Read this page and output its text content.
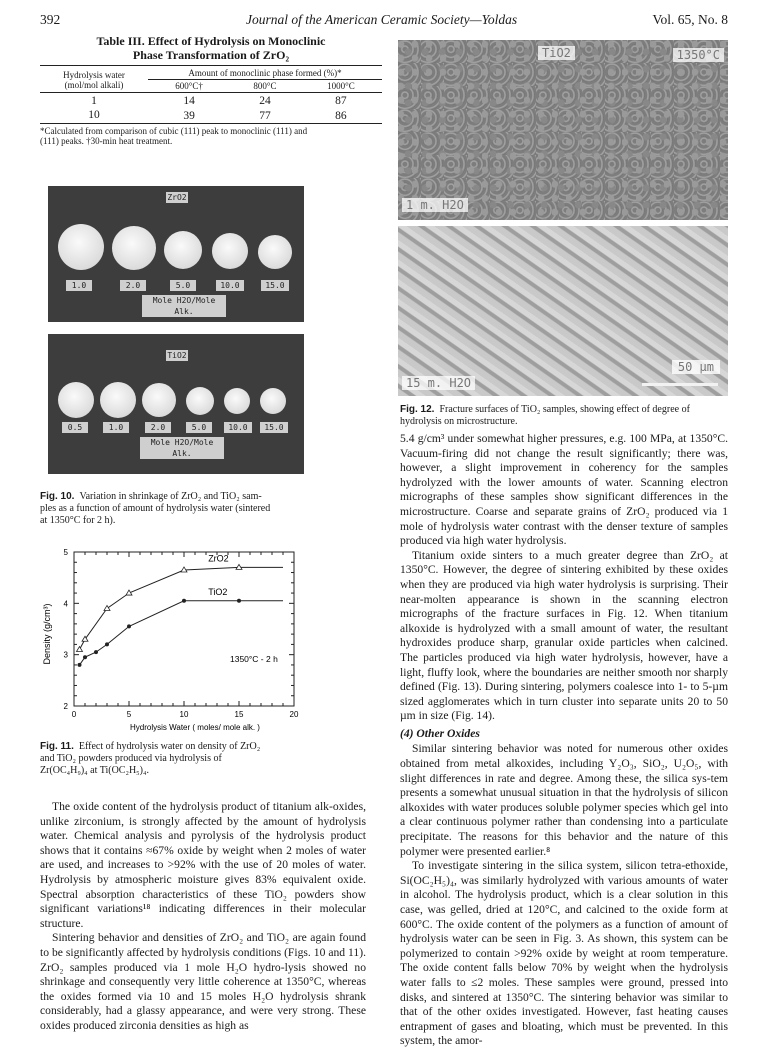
392	Journal of the American Ceramic Society—Yoldas	Vol. 65, No. 8
Table III. Effect of Hydrolysis on Monoclinic
Phase Transformation of ZrO₂
Hydrolysis water
(mol/mol alkali)	Amount of monoclinic phase formed (%)*		
	600°C†	800°C	1000°C
1	14	24	87
10	39	77	86
*Calculated from comparison of cubic (111) peak to monoclinic (111) and
(111) peaks. †30-min heat treatment.
ZrO2
1.0	2.0	5.0	10.0	15.0
Mole H2O/Mole Alk.
TiO2
0.5	1.0	2.0	5.0	10.0	15.0
Mole H2O/Mole Alk.
Fig. 10. Variation in shrinkage of ZrO₂ and TiO₂ sam-
ples as a function of amount of hydrolysis water (sintered
at 1350°C for 2 h).
0	5	10	15	20
2
3
4
5
ZrO2
TiO2
Density (g/cm³)
Hydrolysis Water ( moles/ mole alk. )
1350°C - 2 h
Fig. 11. Effect of hydrolysis water on density of ZrO₂
and TiO₂ powders produced via hydrolysis of
Zr(OC₄H₉)₄ at Ti(OC₂H₅)₄.

The oxide content of the hydrolysis product of titanium alk-oxides, unlike zirconium, is strongly affected by the amount of hydrolysis water. Chemical analysis and pyrolysis of the hydrolysis product shows that it contains ≈67% oxide by weight when 2 moles of water are used, and increases to >92% with the use of 20 moles of water. Hydrolysis by atmospheric moisture gives 83% equivalent oxide. Spectral absorption characteristics of these TiO₂ powders show significant variations¹⁸ indicating differences in their molecular structure.

Sintering behavior and densities of ZrO₂ and TiO₂ are again found to be significantly affected by hydrolysis conditions (Figs. 10 and 11). ZrO₂ samples produced via 1 mole H₂O hydro-lysis showed no shrinkage and consequently very little coherence at 1350°C, whereas the oxides formed via 10 and 15 moles H₂O hydrolysis shrank considerably, had a glassy appearance, and were very strong. These oxides produced zirconia densities as high as

TiO2	1350°C
1 m. H2O
15 m. H2O
50 µm
Fig. 12. Fracture surfaces of TiO₂ samples, showing effect of degree of
hydrolysis on microstructure.

5.4 g/cm³ under somewhat higher pressures, e.g. 100 MPa, at 1350°C. Vacuum-firing did not change the result significantly; there was, however, a slight improvement in coherency for the samples hydrolyzed with the lower amounts of water. Scanning electron micrographs of these samples show significant differences in the microstructure. Coarse and separate grains of ZrO₂ produced via 1 mole of hydrolysis water contrast with the denser texture of samples produced via high water hydrolysis.

Titanium oxide sinters to a much greater degree than ZrO₂ at 1350°C. However, the degree of sintering exhibited by these oxides when they are produced via high water hydrolysis is surprising. Their near-molten appearance is shown in the scanning electron micrographs of the fracture surfaces in Fig. 12. When titanium alkoxide is hydrolyzed with a small amount of water, the resultant hydroxides produce sharp, granular oxide particles when calcined. The particles produced via high water hydrolysis, however, have a light, fluffy look, where the boundaries are neither smooth nor sharply defined (Fig. 13). During sintering, polymers coalesce into 1- to 5-µm sized agglomerates which in turn cluster into separate units 20 to 50 µm in size (Fig. 14).

(4) Other Oxides

Similar sintering behavior was noted for numerous other oxides obtained from metal alkoxides, including Y₂O₃, SiO₂, U₂O₅, with slight differences in rate and degree. Among these, the silica sys-tem presents a somewhat unusual situation in that the hydrolysis of silicon alkoxides with water produces soluble polymer species which gel into a clear continuous polymer rather than condensing into a particulate precipitate. The reasons for this behavior and the nature of this polymer were presented earlier.⁸

To investigate sintering in the silica system, silicon tetra-ethoxide, Si(OC₂H₅)₄, was similarly hydrolyzed with various amounts of water in alcohol. The hydrolysis product, which is a clear solution in this case, was gelled, dried at 120°C, and calcined to the oxide form at 600°C. The oxide content of the polymers as a function of amount of hydrolysis water can be seen in Fig. 3. As shown, this system can be polymerized to contain >92% oxide by weight at room temperature. The oxide content falls below 70% by weight when the hydrolysis water falls to ≤2 moles. These samples were ground, pressed into disks, and sintered at 1350°C. The sintering behavior was similar to that of the other oxides investigated. However, fast heating causes entrapment of gases and bloating, which must be prevented. In this system, the amor-
